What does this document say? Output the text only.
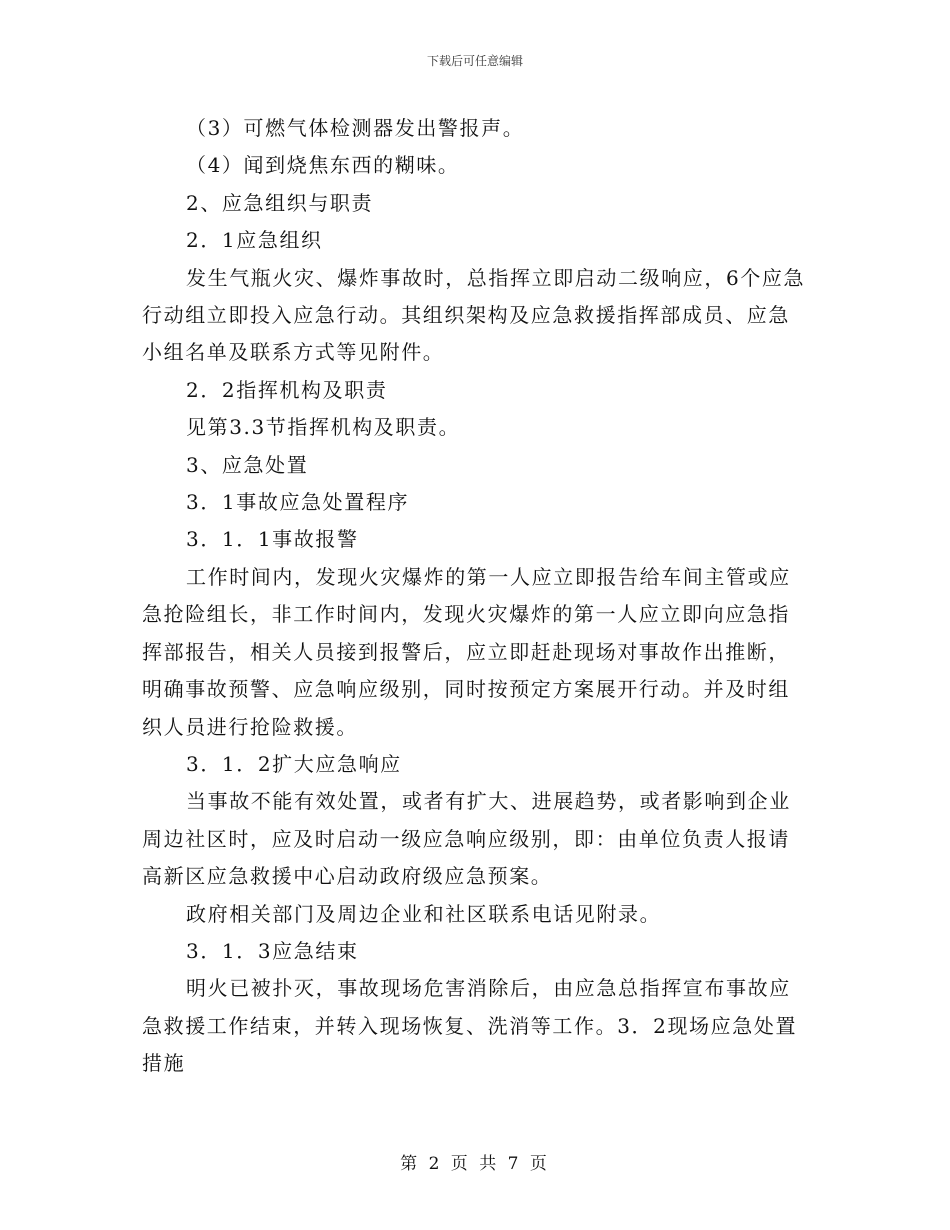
下载后可任意编辑

（3）可燃气体检测器发出警报声。

（4）闻到烧焦东西的糊味。

2、应急组织与职责

2．1应急组织

发生气瓶火灾、爆炸事故时，总指挥立即启动二级响应，6个应急行动组立即投入应急行动。其组织架构及应急救援指挥部成员、应急小组名单及联系方式等见附件。

2．2指挥机构及职责

见第3.3节指挥机构及职责。

3、应急处置

3．1事故应急处置程序

3．1．1事故报警

工作时间内，发现火灾爆炸的第一人应立即报告给车间主管或应急抢险组长，非工作时间内，发现火灾爆炸的第一人应立即向应急指挥部报告，相关人员接到报警后，应立即赶赴现场对事故作出推断，明确事故预警、应急响应级别，同时按预定方案展开行动。并及时组织人员进行抢险救援。

3．1．2扩大应急响应

当事故不能有效处置，或者有扩大、进展趋势，或者影响到企业周边社区时，应及时启动一级应急响应级别，即：由单位负责人报请高新区应急救援中心启动政府级应急预案。

政府相关部门及周边企业和社区联系电话见附录。

3．1．3应急结束

明火已被扑灭，事故现场危害消除后，由应急总指挥宣布事故应急救援工作结束，并转入现场恢复、洗消等工作。3．2现场应急处置措施

第 2 页 共 7 页
